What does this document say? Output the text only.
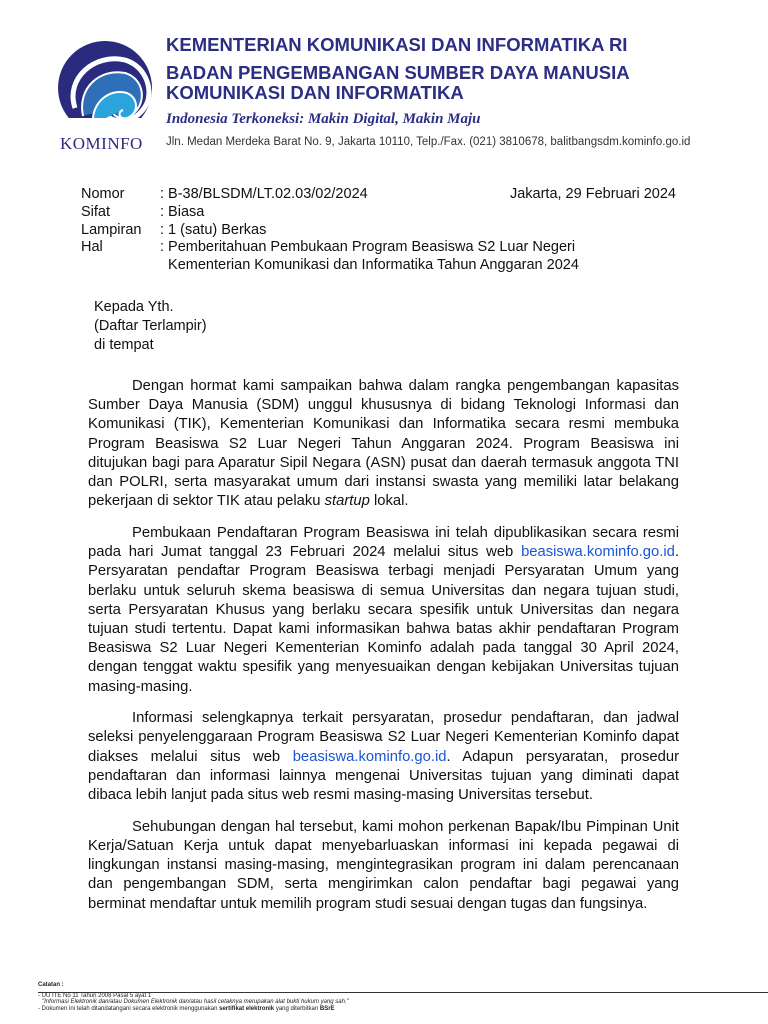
KOMINFO
KEMENTERIAN KOMUNIKASI DAN INFORMATIKA RI
BADAN PENGEMBANGAN SUMBER DAYA MANUSIA
KOMUNIKASI DAN INFORMATIKA
Indonesia Terkoneksi: Makin Digital, Makin Maju
Jln. Medan Merdeka Barat No. 9, Jakarta 10110, Telp./Fax. (021) 3810678, balitbangsdm.kominfo.go.id
Nomor	: B-38/BLSDM/LT.02.03/02/2024
Sifat	: Biasa
Lampiran	: 1 (satu) Berkas
Hal	: Pemberitahuan Pembukaan Program Beasiswa S2 Luar Negeri
Kementerian Komunikasi dan Informatika Tahun Anggaran 2024
Jakarta, 29 Februari 2024
Kepada Yth.
(Daftar Terlampir)
di tempat

Dengan hormat kami sampaikan bahwa dalam rangka pengembangan kapasitas Sumber Daya Manusia (SDM) unggul khususnya di bidang Teknologi Informasi dan Komunikasi (TIK), Kementerian Komunikasi dan Informatika secara resmi membuka Program Beasiswa S2 Luar Negeri Tahun Anggaran 2024. Program Beasiswa ini ditujukan bagi para Aparatur Sipil Negara (ASN) pusat dan daerah termasuk anggota TNI dan POLRI, serta masyarakat umum dari instansi swasta yang memiliki latar belakang pekerjaan di sektor TIK atau pelaku startup lokal.

Pembukaan Pendaftaran Program Beasiswa ini telah dipublikasikan secara resmi pada hari Jumat tanggal 23 Februari 2024 melalui situs web beasiswa.kominfo.go.id. Persyaratan pendaftar Program Beasiswa terbagi menjadi Persyaratan Umum yang berlaku untuk seluruh skema beasiswa di semua Universitas dan negara tujuan studi, serta Persyaratan Khusus yang berlaku secara spesifik untuk Universitas dan negara tujuan studi tertentu. Dapat kami informasikan bahwa batas akhir pendaftaran Program Beasiswa S2 Luar Negeri Kementerian Kominfo adalah pada tanggal 30 April 2024, dengan tenggat waktu spesifik yang menyesuaikan dengan kebijakan Universitas tujuan masing-masing.

Informasi selengkapnya terkait persyaratan, prosedur pendaftaran, dan jadwal seleksi penyelenggaraan Program Beasiswa S2 Luar Negeri Kementerian Kominfo dapat diakses melalui situs web beasiswa.kominfo.go.id. Adapun persyaratan, prosedur pendaftaran dan informasi lainnya mengenai Universitas tujuan yang diminati dapat dibaca lebih lanjut pada situs web resmi masing-masing Universitas tersebut.

Sehubungan dengan hal tersebut, kami mohon perkenan Bapak/Ibu Pimpinan Unit Kerja/Satuan Kerja untuk dapat menyebarluaskan informasi ini kepada pegawai di lingkungan instansi masing-masing, mengintegrasikan program ini dalam perencanaan dan pengembangan SDM, serta mengirimkan calon pendaftar bagi pegawai yang berminat mendaftar untuk memilih program studi sesuai dengan tugas dan fungsinya.

Catatan :
- UU ITE No 11 Tahun 2008 Pasal 5 ayat 1
"Informasi Elektronik dan/atau Dokumen Elektronik dan/atau hasil cetaknya merupakan alat bukti hukum yang sah."
- Dokumen ini telah ditandatangani secara elektronik menggunakan sertifikat elektronik yang diterbitkan BSrE
